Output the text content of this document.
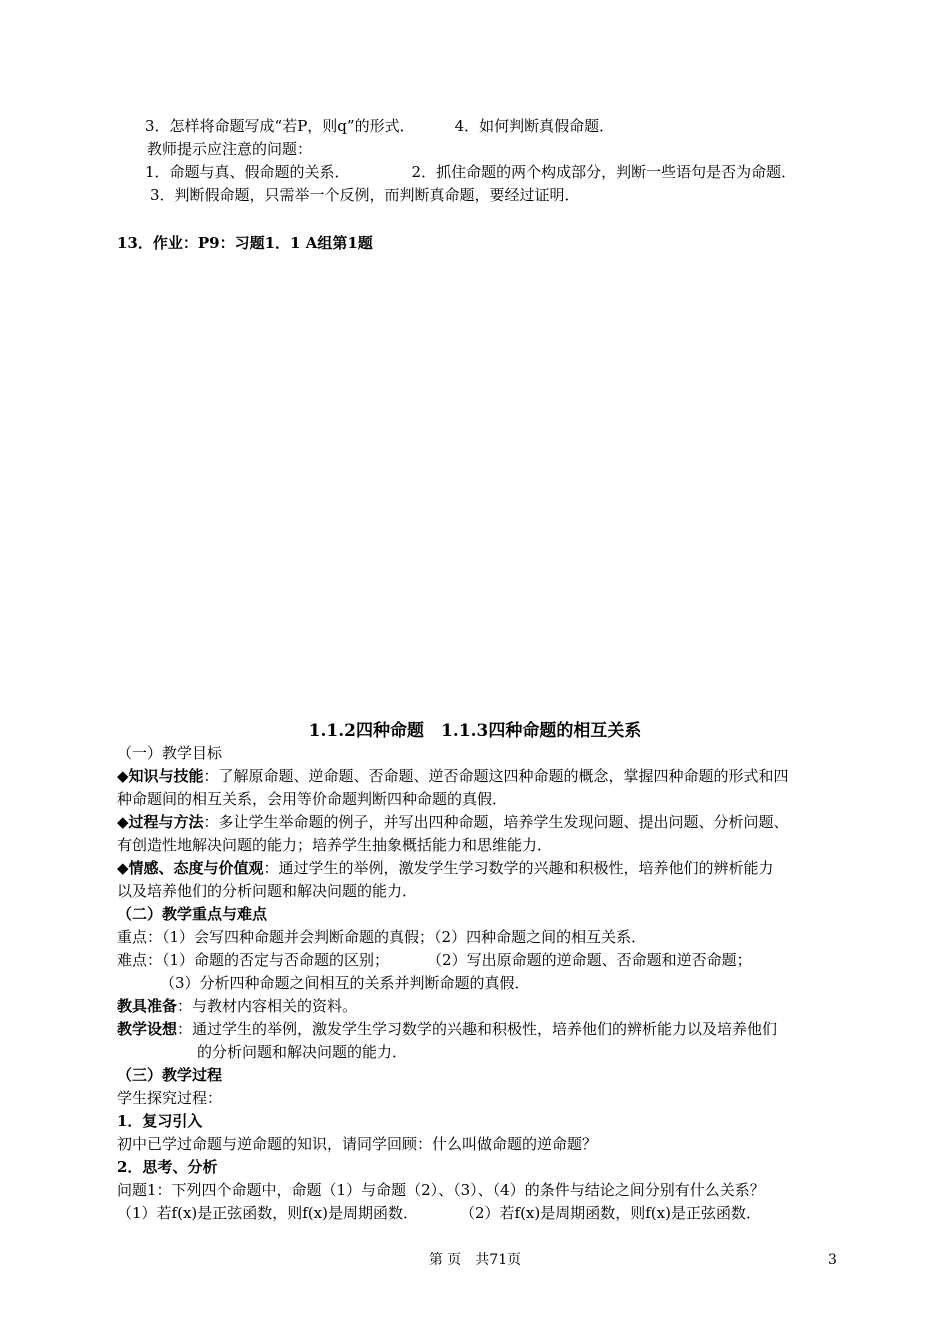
3．怎样将命题写成“若P，则q”的形式．	4．如何判断真假命题．
教师提示应注意的问题：
1．命题与真、假命题的关系．	2．抓住命题的两个构成部分，判断一些语句是否为命题．
3．判断假命题，只需举一个反例，而判断真命题，要经过证明．
13．作业：P9：习题1．1 A组第1题
1.1.2四种命题　1.1.3四种命题的相互关系
（一）教学目标
◆知识与技能：了解原命题、逆命题、否命题、逆否命题这四种命题的概念，掌握四种命题的形式和四
种命题间的相互关系，会用等价命题判断四种命题的真假．
◆过程与方法：多让学生举命题的例子，并写出四种命题，培养学生发现问题、提出问题、分析问题、
有创造性地解决问题的能力；培养学生抽象概括能力和思维能力．
◆情感、态度与价值观：通过学生的举例，激发学生学习数学的兴趣和积极性，培养他们的辨析能力
以及培养他们的分析问题和解决问题的能力．
（二）教学重点与难点
重点：（1）会写四种命题并会判断命题的真假；（2）四种命题之间的相互关系．
难点：（1）命题的否定与否命题的区别；	（2）写出原命题的逆命题、否命题和逆否命题；
（3）分析四种命题之间相互的关系并判断命题的真假．
教具准备：与教材内容相关的资料。
教学设想：通过学生的举例，激发学生学习数学的兴趣和积极性，培养他们的辨析能力以及培养他们
的分析问题和解决问题的能力．
（三）教学过程
学生探究过程：
1．复习引入
初中已学过命题与逆命题的知识，请同学回顾：什么叫做命题的逆命题？
2．思考、分析
问题1：下列四个命题中，命题（1）与命题（2）、（3）、（4）的条件与结论之间分别有什么关系？
（1）若f(x)是正弦函数，则f(x)是周期函数．	（2）若f(x)是周期函数，则f(x)是正弦函数．
第 页　共71页	3
